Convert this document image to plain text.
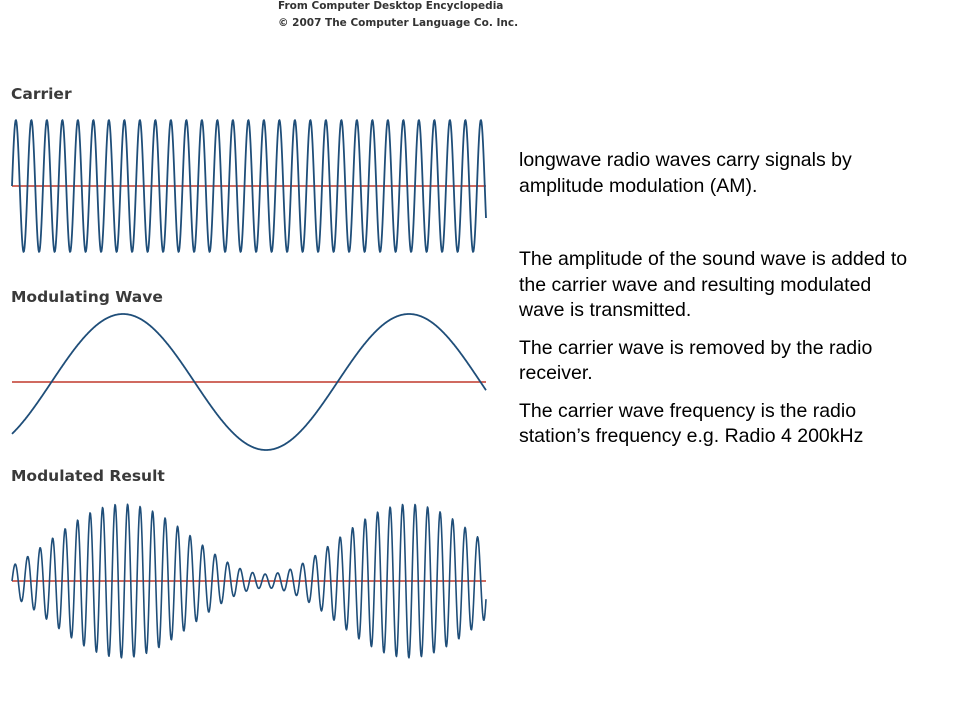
From Computer Desktop Encyclopedia
© 2007 The Computer Language Co. Inc.
Carrier
Modulating Wave
Modulated Result

longwave radio waves carry signals by amplitude modulation (AM).

The amplitude of the sound wave is added to the carrier wave and resulting modulated wave is transmitted.

The carrier wave is removed by the radio receiver.

The carrier wave frequency is the radio station’s frequency e.g. Radio 4 200kHz
